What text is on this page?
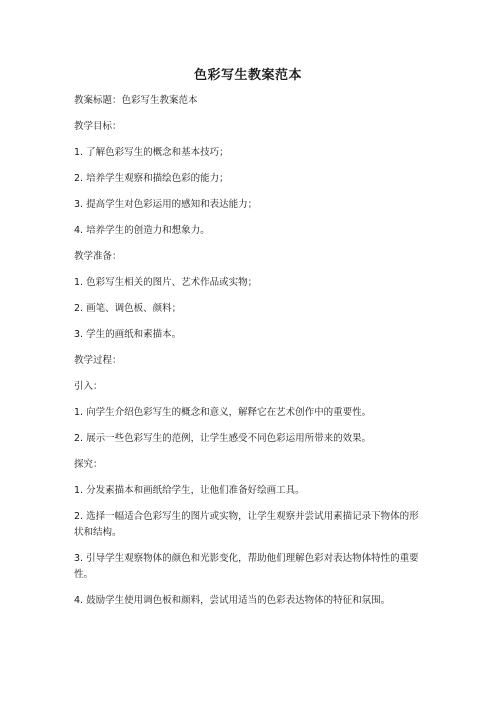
色彩写生教案范本

教案标题：色彩写生教案范本

教学目标：

1. 了解色彩写生的概念和基本技巧；

2. 培养学生观察和描绘色彩的能力；

3. 提高学生对色彩运用的感知和表达能力；

4. 培养学生的创造力和想象力。

教学准备：

1. 色彩写生相关的图片、艺术作品或实物；

2. 画笔、调色板、颜料；

3. 学生的画纸和素描本。

教学过程：

引入：

1. 向学生介绍色彩写生的概念和意义，解释它在艺术创作中的重要性。

2. 展示一些色彩写生的范例，让学生感受不同色彩运用所带来的效果。

探究：

1. 分发素描本和画纸给学生，让他们准备好绘画工具。

2. 选择一幅适合色彩写生的图片或实物，让学生观察并尝试用素描记录下物体的形状和结构。

3. 引导学生观察物体的颜色和光影变化，帮助他们理解色彩对表达物体特性的重要性。

4. 鼓励学生使用调色板和颜料，尝试用适当的色彩表达物体的特征和氛围。
